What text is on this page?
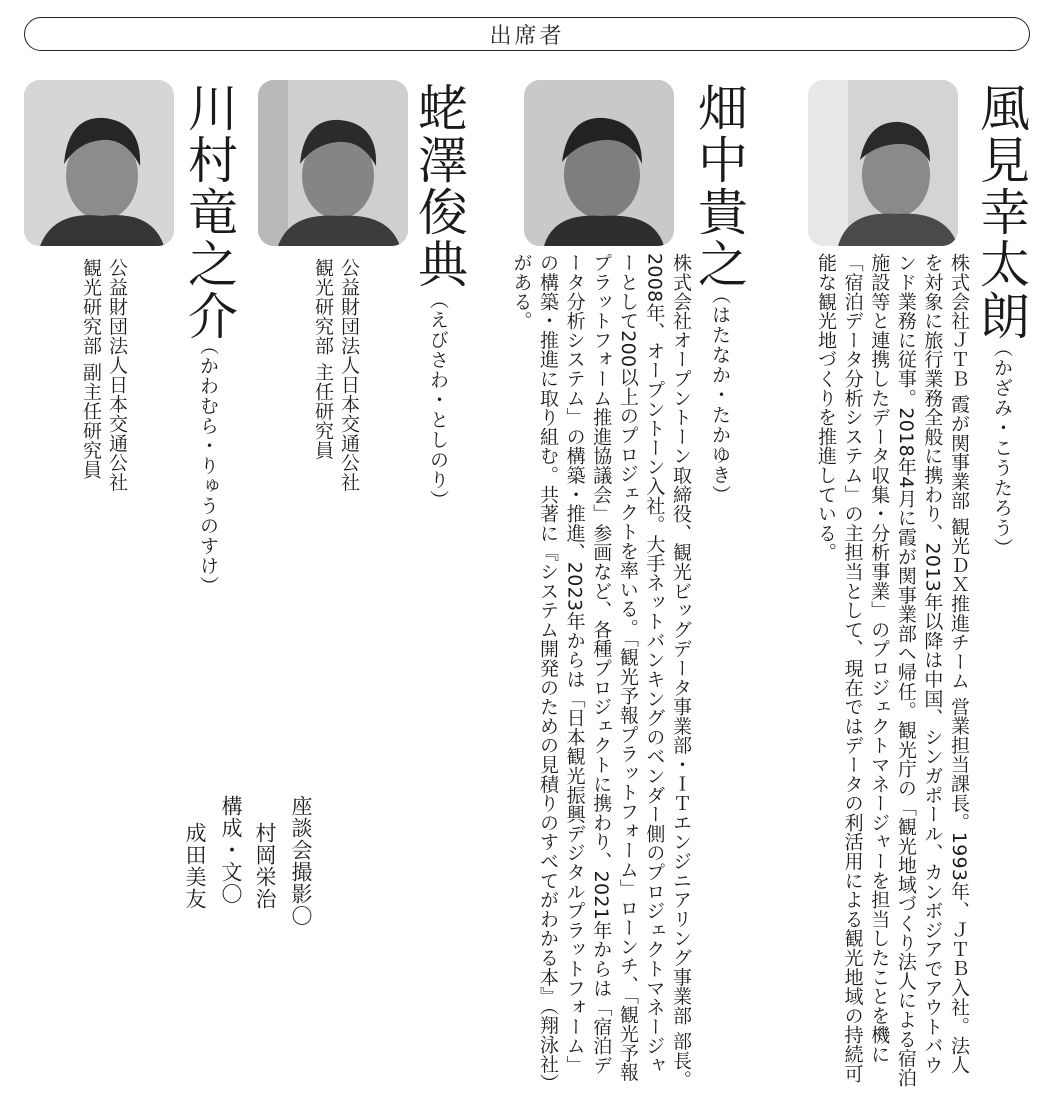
出席者
風見幸太朗
（かざみ・こうたろう）
株式会社ＪＴＢ 霞が関事業部 観光ＤＸ推進チーム 営業担当課長。1993年、ＪＴＢ入社。法人を対象に旅行業務全般に携わり、2013年以降は中国、シンガポール、カンボジアでアウトバウンド業務に従事。2018年4月に霞が関事業部へ帰任。観光庁の「観光地域づくり法人による宿泊施設等と連携したデータ収集・分析事業」のプロジェクトマネージャーを担当したことを機に「宿泊データ分析システム」の主担当として、現在ではデータの利活用による観光地域の持続可能な観光地づくりを推進している。
畑中貴之
（はたなか・たかゆき）
株式会社オープントーン取締役、観光ビッグデータ事業部・ＩＴエンジニアリング事業部 部長。2008年、オープントーン入社。大手ネットバンキングのベンダー側のプロジェクトマネージャーとして200以上のプロジェクトを率いる。「観光予報プラットフォーム」ローンチ、「観光予報プラットフォーム推進協議会」参画など、各種プロジェクトに携わり、2021年からは「宿泊データ分析システム」の構築・推進、2023年からは「日本観光振興デジタルプラットフォーム」の構築・推進に取り組む。共著に『システム開発のための見積りのすべてがわかる本』（翔泳社）がある。
蛯澤俊典
（えびさわ・としのり）
公益財団法人日本交通公社
観光研究部 主任研究員
川村竜之介
（かわむら・りゅうのすけ）
公益財団法人日本交通公社
観光研究部 副主任研究員
座談会撮影〇
村岡栄治
構成・文〇
成田美友
